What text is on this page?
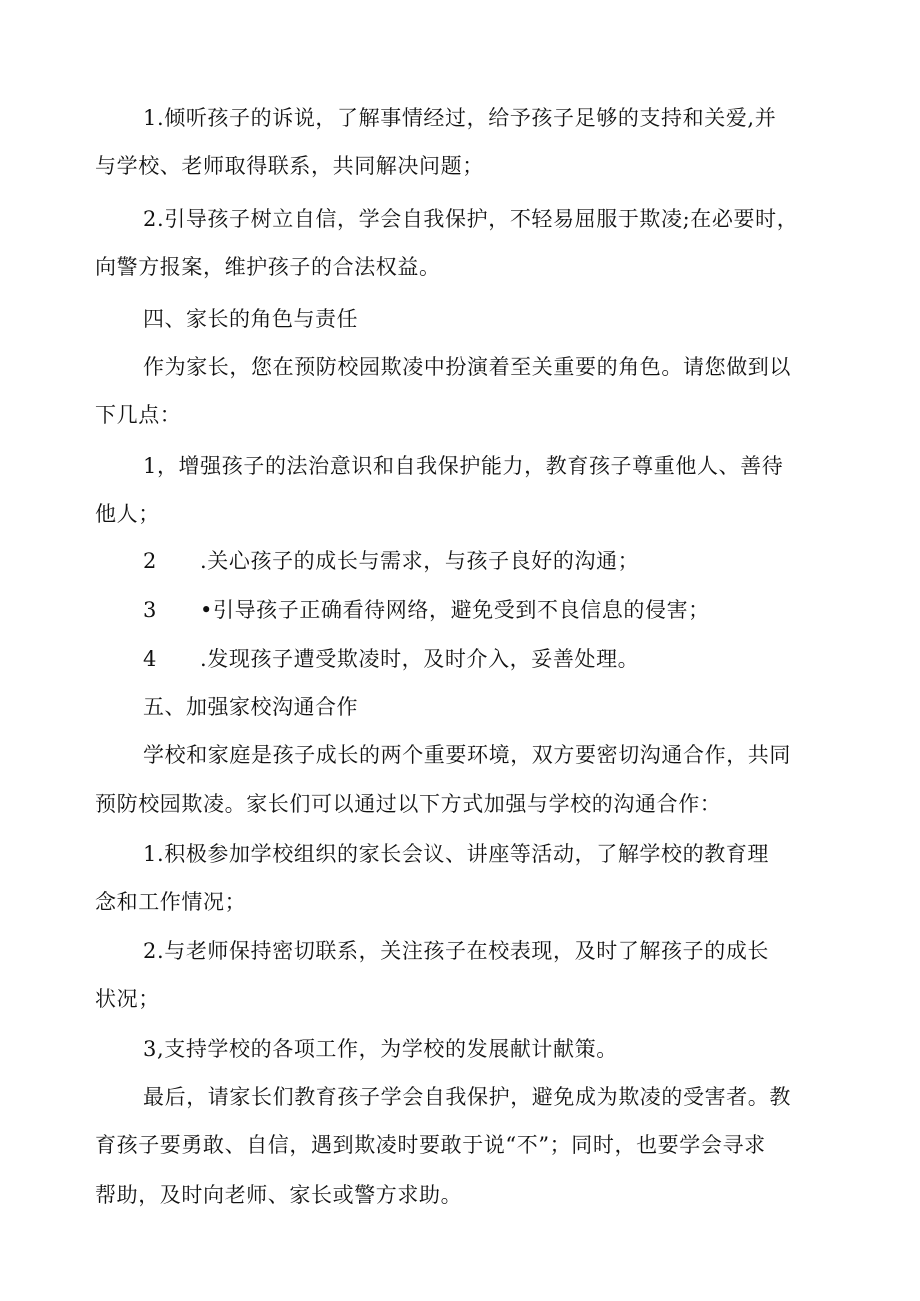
1.倾听孩子的诉说，了解事情经过，给予孩子足够的支持和关爱,并
与学校、老师取得联系，共同解决问题；
2.引导孩子树立自信，学会自我保护，不轻易屈服于欺凌;在必要时，
向警方报案，维护孩子的合法权益。
四、家长的角色与责任
作为家长，您在预防校园欺凌中扮演着至关重要的角色。请您做到以
下几点：
1，增强孩子的法治意识和自我保护能力，教育孩子尊重他人、善待
他人；
2 .关心孩子的成长与需求，与孩子良好的沟通；
3 •引导孩子正确看待网络，避免受到不良信息的侵害；
4 .发现孩子遭受欺凌时，及时介入，妥善处理。
五、加强家校沟通合作
学校和家庭是孩子成长的两个重要环境，双方要密切沟通合作，共同
预防校园欺凌。家长们可以通过以下方式加强与学校的沟通合作：
1.积极参加学校组织的家长会议、讲座等活动，了解学校的教育理
念和工作情况；
2.与老师保持密切联系，关注孩子在校表现，及时了解孩子的成长
状况；
3,支持学校的各项工作，为学校的发展献计献策。
最后，请家长们教育孩子学会自我保护，避免成为欺凌的受害者。教
育孩子要勇敢、自信，遇到欺凌时要敢于说“不”；同时，也要学会寻求
帮助，及时向老师、家长或警方求助。
